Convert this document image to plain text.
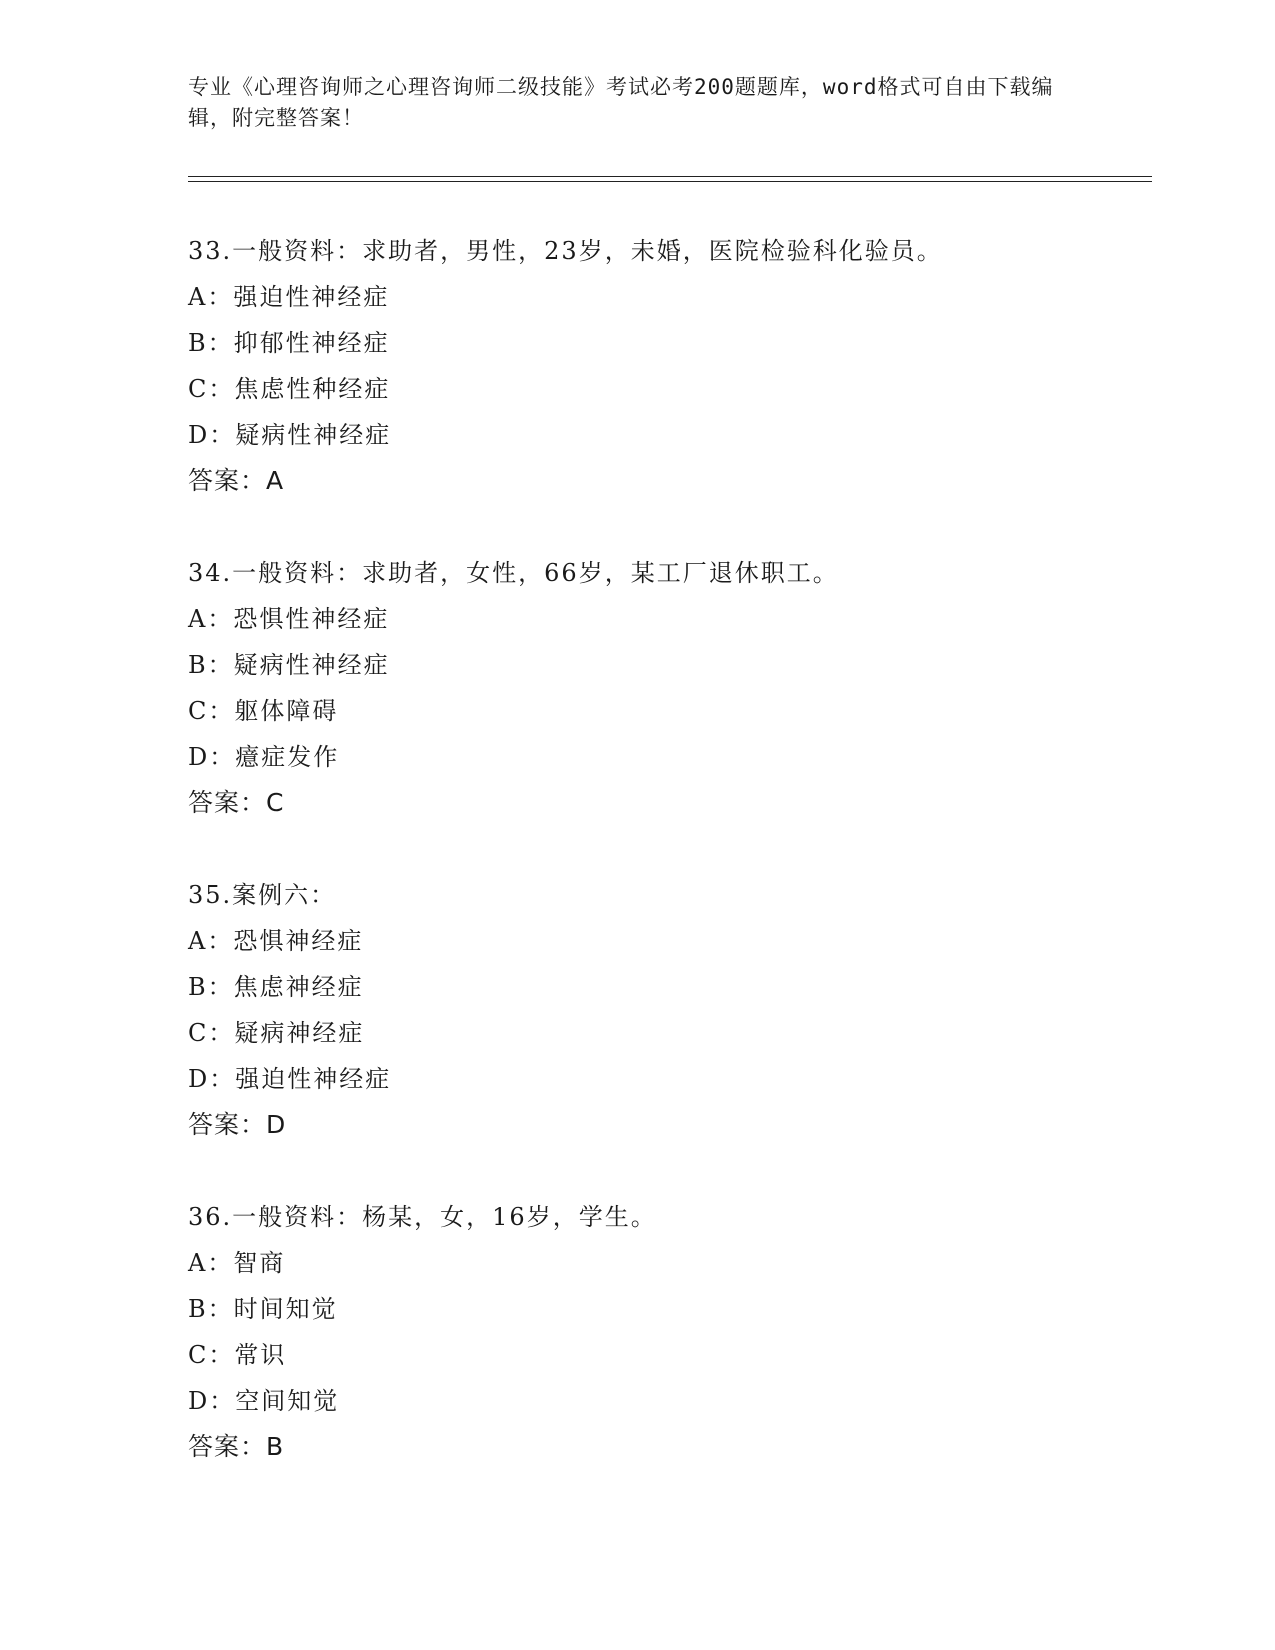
专业《心理咨询师之心理咨询师二级技能》考试必考200题题库，word格式可自由下载编辑，附完整答案！
33.一般资料：求助者，男性，23岁，未婚，医院检验科化验员。
A：强迫性神经症
B：抑郁性神经症
C：焦虑性种经症
D：疑病性神经症
答案：A
34.一般资料：求助者，女性，66岁，某工厂退休职工。
A：恐惧性神经症
B：疑病性神经症
C：躯体障碍
D：癔症发作
答案：C
35.案例六：
A：恐惧神经症
B：焦虑神经症
C：疑病神经症
D：强迫性神经症
答案：D
36.一般资料：杨某，女，16岁，学生。
A：智商
B：时间知觉
C：常识
D：空间知觉
答案：B
